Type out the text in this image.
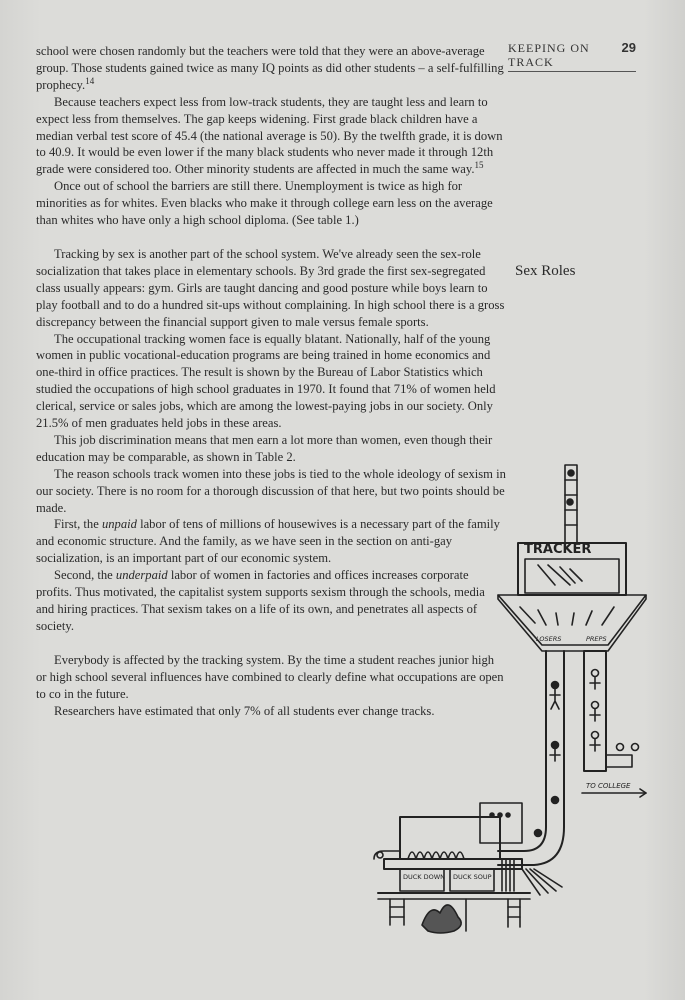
KEEPING ON TRACK
29
Sex Roles

school were chosen randomly but the teachers were told that they were an above-average group. Those students gained twice as many IQ points as did other students – a self-fulfilling prophecy.$^{14}$

Because teachers expect less from low-track students, they are taught less and learn to expect less from themselves. The gap keeps widening. First grade black children have a median verbal test score of 45.4 (the national average is 50). By the twelfth grade, it is down to 40.9. It would be even lower if the many black students who never made it through 12th grade were considered too. Other minority students are affected in much the same way.$^{15}$

Once out of school the barriers are still there. Unemployment is twice as high for minorities as for whites. Even blacks who make it through college earn less on the average than whites who have only a high school diploma. (See table 1.)

Tracking by sex is another part of the school system. We've already seen the sex-role socialization that takes place in elementary schools. By 3rd grade the first sex-segregated class usually appears: gym. Girls are taught dancing and good posture while boys learn to play football and to do a hundred sit-ups without complaining. In high school there is a gross discrepancy between the financial support given to male versus female sports.

The occupational tracking women face is equally blatant. Nationally, half of the young women in public vocational-education programs are being trained in home economics and one-third in office practices. The result is shown by the Bureau of Labor Statistics which studied the occupations of high school graduates in 1970. It found that 71% of women held clerical, service or sales jobs, which are among the lowest-paying jobs in our society. Only 21.5% of men graduates held jobs in these areas.

This job discrimination means that men earn a lot more than women, even though their education may be comparable, as shown in Table 2.

The reason schools track women into these jobs is tied to the whole ideology of sexism in our society. There is no room for a thorough discussion of that here, but two points should be made.

First, the unpaid labor of tens of millions of housewives is a necessary part of the family and economic structure. And the family, as we have seen in the section on anti-gay socialization, is an important part of our economic system.

Second, the underpaid labor of women in factories and offices increases corporate profits. Thus motivated, the capitalist system supports sexism through the schools, media and hiring practices. That sexism takes on a life of its own, and penetrates all aspects of society.

Everybody is affected by the tracking system. By the time a student reaches junior high or high school several influences have combined to clearly define what occupations are open to co in the future.

Researchers have estimated that only 7% of all students ever change tracks.

TRACKER
LOSERS	PREPS
TO COLLEGE
DUCK DOWN DUCK SOUP
